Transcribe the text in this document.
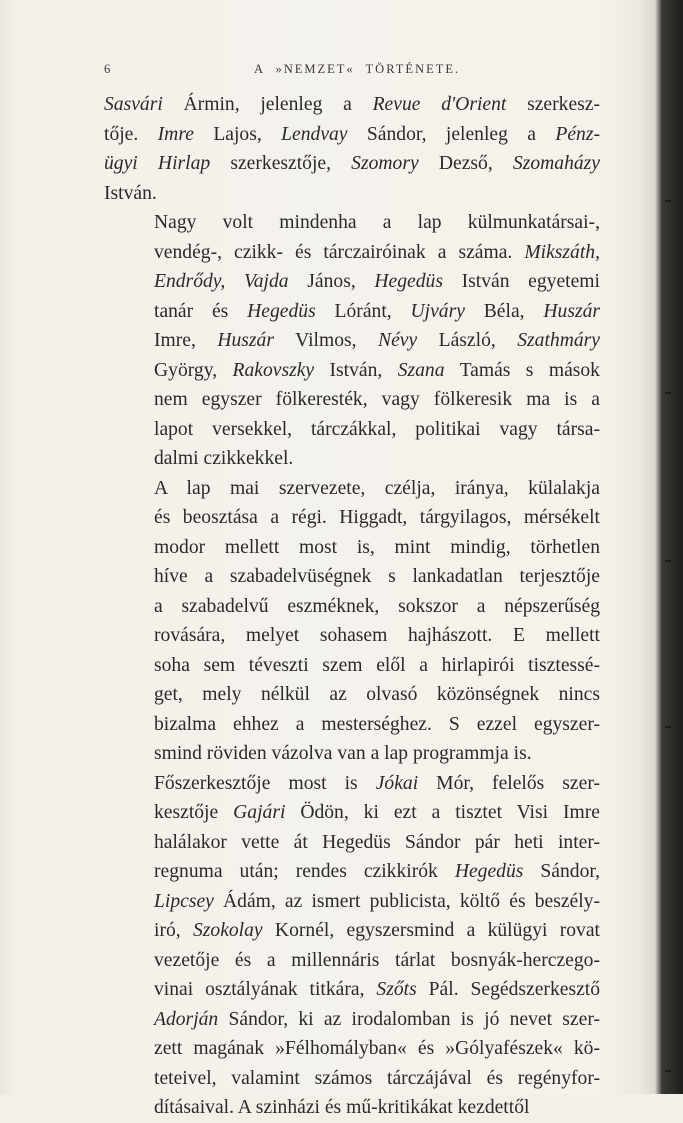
6	A »NEMZET« TÖRTÉNETE.

Sasvári Ármin, jelenleg a Revue d'Orient szerkesz-
tője. Imre Lajos, Lendvay Sándor, jelenleg a Pénz-
ügyi Hirlap szerkesztője, Szomory Dezső, Szomaházy
István.

Nagy volt mindenha a lap külmunkatársai-,
vendég-, czikk- és tárczairóinak a száma. Mikszáth,
Endrődy, Vajda János, Hegedüs István egyetemi
tanár és Hegedüs Lóránt, Ujváry Béla, Huszár
Imre, Huszár Vilmos, Névy László, Szathmáry
György, Rakovszky István, Szana Tamás s mások
nem egyszer fölkeresték, vagy fölkeresik ma is a
lapot versekkel, tárczákkal, politikai vagy társa-
dalmi czikkekkel.

A lap mai szervezete, czélja, iránya, külalakja
és beosztása a régi. Higgadt, tárgyilagos, mérsékelt
modor mellett most is, mint mindig, törhetlen
híve a szabadelvüségnek s lankadatlan terjesztője
a szabadelvű eszméknek, sokszor a népszerűség
rovására, melyet sohasem hajhászott. E mellett
soha sem téveszti szem elől a hirlapirói tisztessé-
get, mely nélkül az olvasó közönségnek nincs
bizalma ehhez a mesterséghez. S ezzel egyszer-
smind röviden vázolva van a lap programmja is.

Főszerkesztője most is Jókai Mór, felelős szer-
kesztője Gajári Ödön, ki ezt a tisztet Visi Imre
halálakor vette át Hegedüs Sándor pár heti inter-
regnuma után; rendes czikkirók Hegedüs Sándor,
Lipcsey Ádám, az ismert publicista, költő és beszély-
iró, Szokolay Kornél, egyszersmind a külügyi rovat
vezetője és a millennáris tárlat bosnyák-herczego-
vinai osztályának titkára, Szőts Pál. Segédszerkesztő
Adorján Sándor, ki az irodalomban is jó nevet szer-
zett magának »Félhomályban« és »Gólyafészek« kö-
teteivel, valamint számos tárczájával és regényfor-
dításaival. A szinházi és mű-kritikákat kezdettől
